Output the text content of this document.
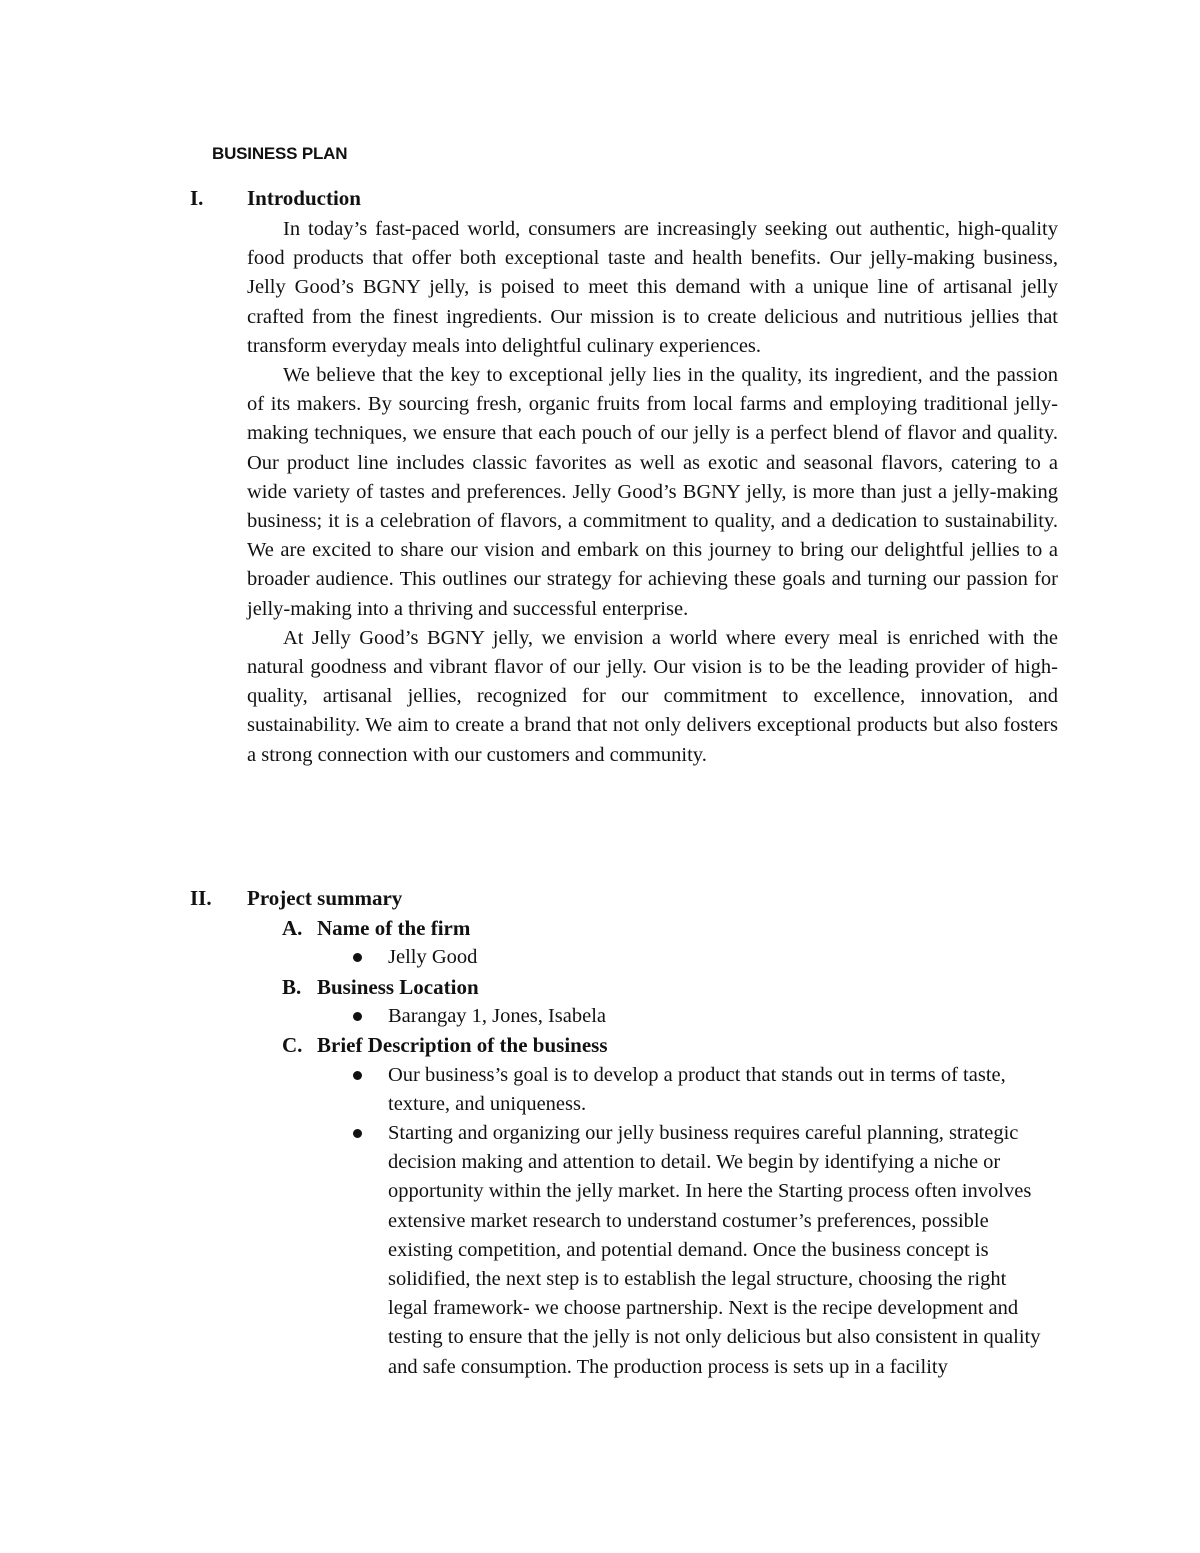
BUSINESS PLAN
I. Introduction

In today’s fast-paced world, consumers are increasingly seeking out authentic, high-quality food products that offer both exceptional taste and health benefits. Our jelly-making business, Jelly Good’s BGNY jelly, is poised to meet this demand with a unique line of artisanal jelly crafted from the finest ingredients. Our mission is to create delicious and nutritious jellies that transform everyday meals into delightful culinary experiences.

We believe that the key to exceptional jelly lies in the quality, its ingredient, and the passion of its makers. By sourcing fresh, organic fruits from local farms and employing traditional jelly-making techniques, we ensure that each pouch of our jelly is a perfect blend of flavor and quality. Our product line includes classic favorites as well as exotic and seasonal flavors, catering to a wide variety of tastes and preferences. Jelly Good’s BGNY jelly, is more than just a jelly-making business; it is a celebration of flavors, a commitment to quality, and a dedication to sustainability. We are excited to share our vision and embark on this journey to bring our delightful jellies to a broader audience. This outlines our strategy for achieving these goals and turning our passion for jelly-making into a thriving and successful enterprise.

At Jelly Good’s BGNY jelly, we envision a world where every meal is enriched with the natural goodness and vibrant flavor of our jelly. Our vision is to be the leading provider of high-quality, artisanal jellies, recognized for our commitment to excellence, innovation, and sustainability. We aim to create a brand that not only delivers exceptional products but also fosters a strong connection with our customers and community.

II. Project summary
A. Name of the firm
Jelly Good
B. Business Location
Barangay 1, Jones, Isabela
C. Brief Description of the business
Our business’s goal is to develop a product that stands out in terms of taste, texture, and uniqueness.
Starting and organizing our jelly business requires careful planning, strategic decision making and attention to detail. We begin by identifying a niche or opportunity within the jelly market. In here the Starting process often involves extensive market research to understand costumer’s preferences, possible existing competition, and potential demand. Once the business concept is solidified, the next step is to establish the legal structure, choosing the right legal framework- we choose partnership. Next is the recipe development and testing to ensure that the jelly is not only delicious but also consistent in quality and safe consumption. The production process is sets up in a facility
